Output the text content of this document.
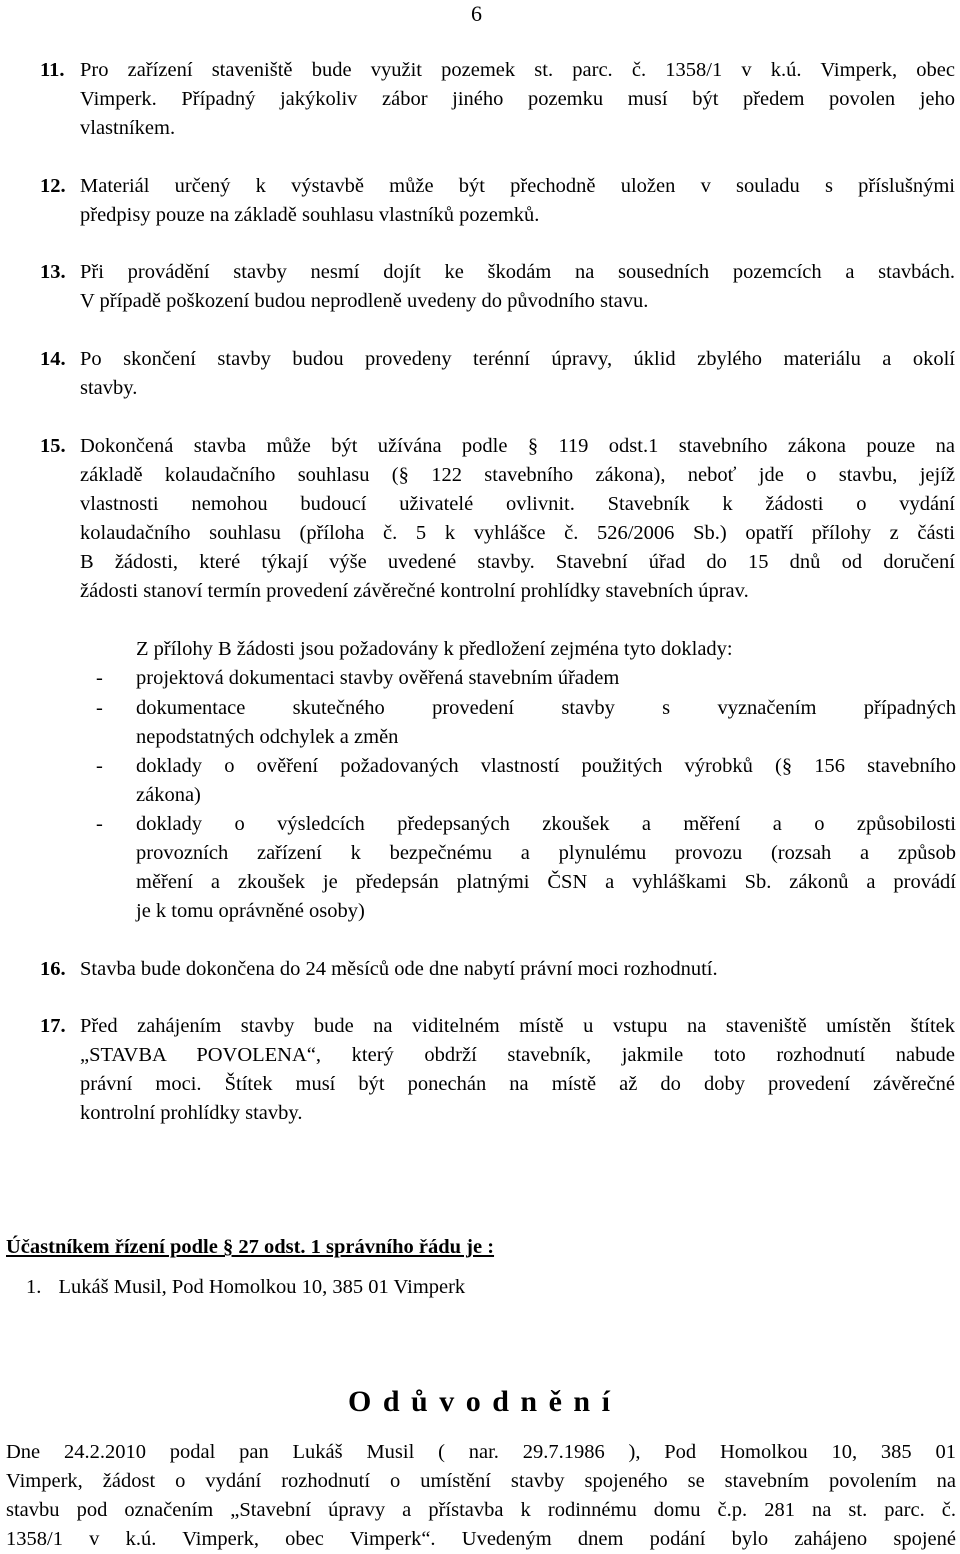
6
11. Pro zařízení staveniště bude využit pozemek st. parc. č. 1358/1 v k.ú. Vimperk, obec
Vimperk. Případný jakýkoliv zábor jiného pozemku musí být předem povolen jeho
vlastníkem.
12. Materiál určený k výstavbě může být přechodně uložen v souladu s příslušnými
předpisy pouze na základě souhlasu vlastníků pozemků.
13. Při provádění stavby nesmí dojít ke škodám na sousedních pozemcích a stavbách.
V případě poškození budou neprodleně uvedeny do původního stavu.
14. Po skončení stavby budou provedeny terénní úpravy, úklid zbylého materiálu a okolí
stavby.
15. Dokončená stavba může být užívána podle § 119 odst.1 stavebního zákona pouze na
základě kolaudačního souhlasu (§ 122 stavebního zákona), neboť jde o stavbu, jejíž
vlastnosti nemohou budoucí uživatelé ovlivnit. Stavebník k žádosti o vydání
kolaudačního souhlasu (příloha č. 5 k vyhlášce č. 526/2006 Sb.) opatří přílohy z části
B žádosti, které týkají výše uvedené stavby. Stavební úřad do 15 dnů od doručení
žádosti stanoví termín provedení závěrečné kontrolní prohlídky stavebních úprav.
Z přílohy B žádosti jsou požadovány k předložení zejména tyto doklady:
- projektová dokumentaci stavby ověřená stavebním úřadem
- dokumentace skutečného provedení stavby s vyznačením případných
nepodstatných odchylek a změn
- doklady o ověření požadovaných vlastností použitých výrobků (§ 156 stavebního
zákona)
- doklady o výsledcích předepsaných zkoušek a měření a o způsobilosti
provozních zařízení k bezpečnému a plynulému provozu (rozsah a způsob
měření a zkoušek je předepsán platnými ČSN a vyhláškami Sb. zákonů a provádí
je k tomu oprávněné osoby)
16. Stavba bude dokončena do 24 měsíců ode dne nabytí právní moci rozhodnutí.
17. Před zahájením stavby bude na viditelném místě u vstupu na staveniště umístěn štítek
„STAVBA POVOLENA“, který obdrží stavebník, jakmile toto rozhodnutí nabude
právní moci. Štítek musí být ponechán na místě až do doby provedení závěrečné
kontrolní prohlídky stavby.
Účastníkem řízení podle § 27 odst. 1 správního řádu je :
1. Lukáš Musil, Pod Homolkou 10, 385 01 Vimperk
O d ů v o d n ě n í
Dne 24.2.2010 podal pan Lukáš Musil ( nar. 29.7.1986 ), Pod Homolkou 10, 385 01
Vimperk, žádost o vydání rozhodnutí o umístění stavby spojeného se stavebním povolením na
stavbu pod označením „Stavební úpravy a přístavba k rodinnému domu č.p. 281 na st. parc. č.
1358/1 v k.ú. Vimperk, obec Vimperk“. Uvedeným dnem podání bylo zahájeno spojené
